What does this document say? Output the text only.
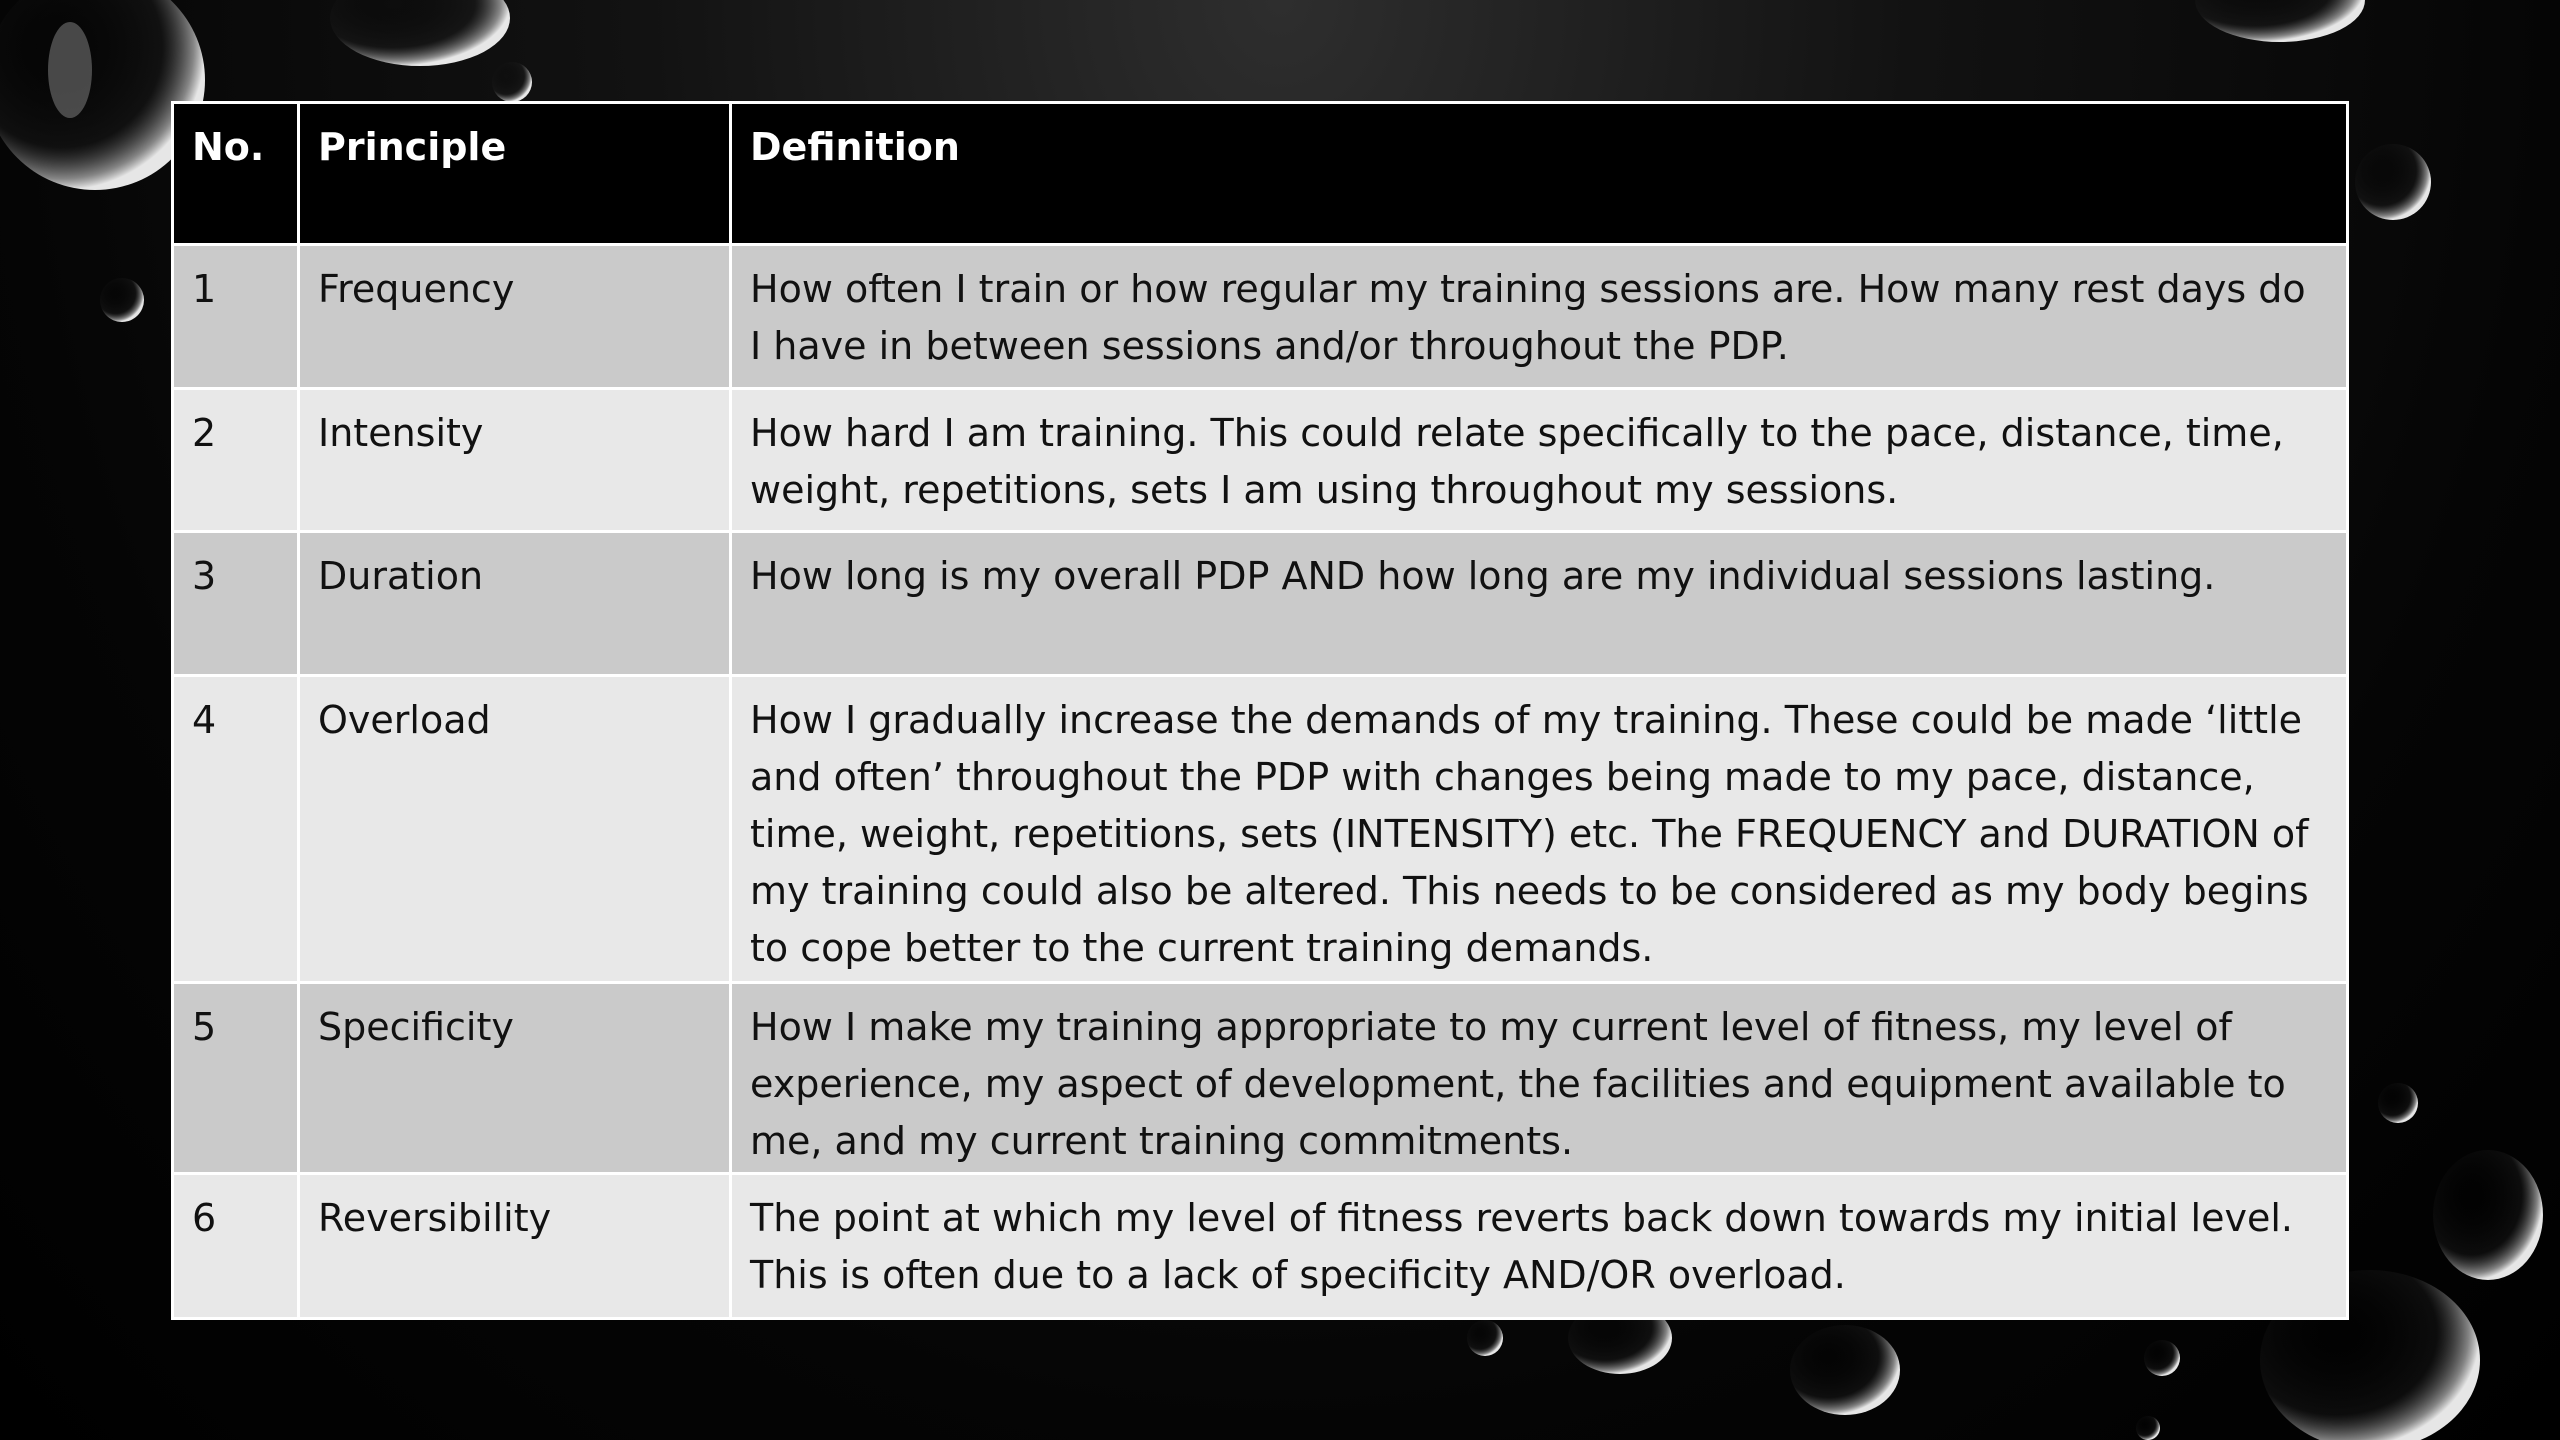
No.	Principle	Definition
1	Frequency	How often I train or how regular my training sessions are. How many rest days do I have in between sessions and/or throughout the PDP.
2	Intensity	How hard I am training. This could relate specifically to the pace, distance, time, weight, repetitions, sets I am using throughout my sessions.
3	Duration	How long is my overall PDP AND how long are my individual sessions lasting.
4	Overload	How I gradually increase the demands of my training. These could be made ‘little and often’ throughout the PDP with changes being made to my pace, distance, time, weight, repetitions, sets (INTENSITY) etc. The FREQUENCY and DURATION of my training could also be altered. This needs to be considered as my body begins to cope better to the current training demands.
5	Specificity	How I make my training appropriate to my current level of fitness, my level of experience, my aspect of development, the facilities and equipment available to me, and my current training commitments.
6	Reversibility	The point at which my level of fitness reverts back down towards my initial level. This is often due to a lack of specificity AND/OR overload.
